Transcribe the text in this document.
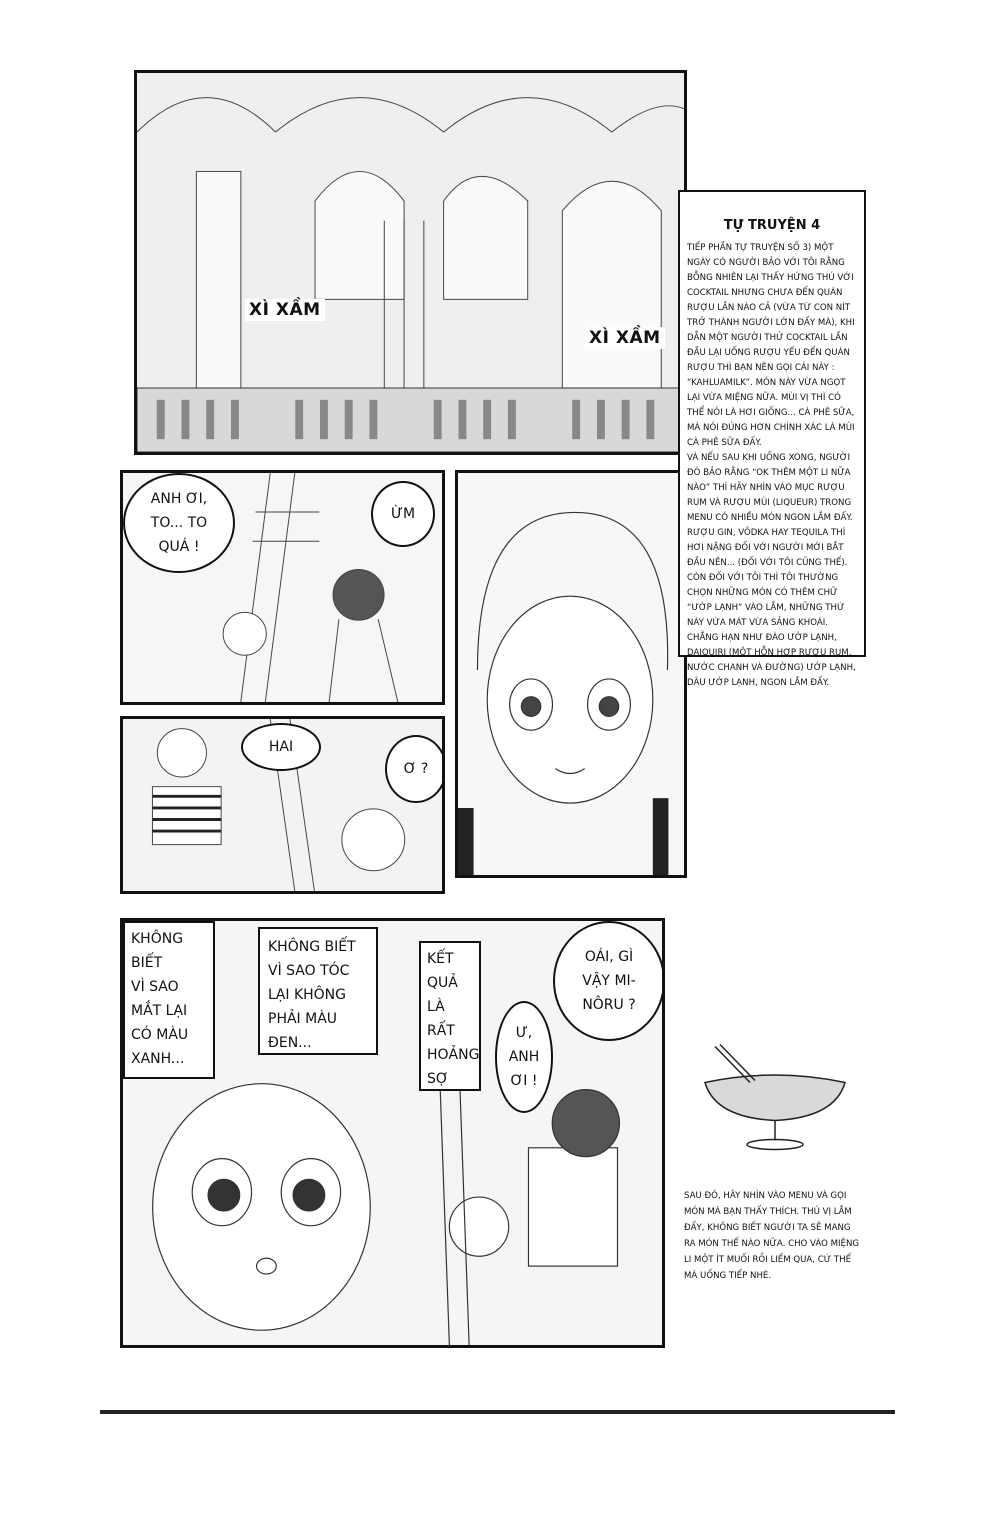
XÌ XẦM
XÌ XẦM
ANH ƠI,
TO... TO
QUÁ !
ỪM
HAI
Ơ ?
KHÔNG
BIẾT
VÌ SAO
MẮT LẠI
CÓ MÀU
XANH...
KHÔNG BIẾT
VÌ SAO TÓC
LẠI KHÔNG
PHẢI MÀU
ĐEN...
KẾT
QUẢ
LÀ RẤT
HOẢNG
SỢ
OÁI, GÌ
VẬY MI-
NÔRU ?
Ư,
ANH
ƠI !
TỰ TRUYỆN 4
TIẾP PHẦN TỰ TRUYỆN SỐ 3) MỘT NGÀY CÓ NGƯỜI BẢO VỚI TÔI RẰNG BỖNG NHIÊN LẠI THẤY HỨNG THÚ VỚI COCKTAIL NHƯNG CHƯA ĐẾN QUÁN RƯỢU LẦN NÀO CẢ (VỪA TỪ CON NÍT TRỞ THÀNH NGƯỜI LỚN ĐẤY MÀ), KHI DẪN MỘT NGƯỜI THỬ COCKTAIL LẦN ĐẦU LẠI UỐNG RƯỢU YẾU ĐẾN QUÁN RƯỢU THÌ BẠN NÊN GỌI CÁI NÀY : “KAHLUAMILK”. MÓN NÀY VỪA NGỌT LẠI VỪA MIỆNG NỮA. MÙI VỊ THÌ CÓ THỂ NÓI LÀ HƠI GIỐNG... CÀ PHÊ SỮA, MÀ NÓI ĐÚNG HƠN CHÍNH XÁC LÀ MÙI CÀ PHÊ SỮA ĐẤY.
VÀ NẾU SAU KHI UỐNG XONG, NGƯỜI ĐÓ BẢO RẰNG “OK THÊM MỘT LI NỮA NÀO” THÌ HÃY NHÌN VÀO MỤC RƯỢU RUM VÀ RƯỢU MÙI (LIQUEUR) TRONG MENU CÓ NHIỀU MÓN NGON LẮM ĐẤY. RƯỢU GIN, VÔDKA HAY TEQUILA THÌ HƠI NẶNG ĐỐI VỚI NGƯỜI MỚI BẮT ĐẦU NÊN... (ĐỐI VỚI TÔI CŨNG THẾ). CÒN ĐỐI VỚI TÔI THÌ TÔI THƯỜNG CHỌN NHỮNG MÓN CÓ THÊM CHỮ “ƯỚP LẠNH” VÀO LẮM, NHỮNG THỨ NÀY VỪA MÁT VỪA SẢNG KHOÁI. CHẲNG HẠN NHƯ ĐÀO ƯỚP LẠNH, DAIQUIRI (MỘT HỖN HỢP RƯỢU RUM, NƯỚC CHANH VÀ ĐƯỜNG) ƯỚP LẠNH, DÂU ƯỚP LẠNH, NGON LẮM ĐẤY.
SAU ĐÓ, HÃY NHÌN VÀO MENU VÀ GỌI MÓN MÀ BẠN THẤY THÍCH. THÚ VỊ LẮM ĐẤY, KHÔNG BIẾT NGƯỜI TA SẼ MANG RA MÓN THẾ NÀO NỮA. CHO VÀO MIỆNG LI MỘT ÍT MUỐI RỒI LIẾM QUA, CỨ THẾ MÀ UỐNG TIẾP NHÉ.
